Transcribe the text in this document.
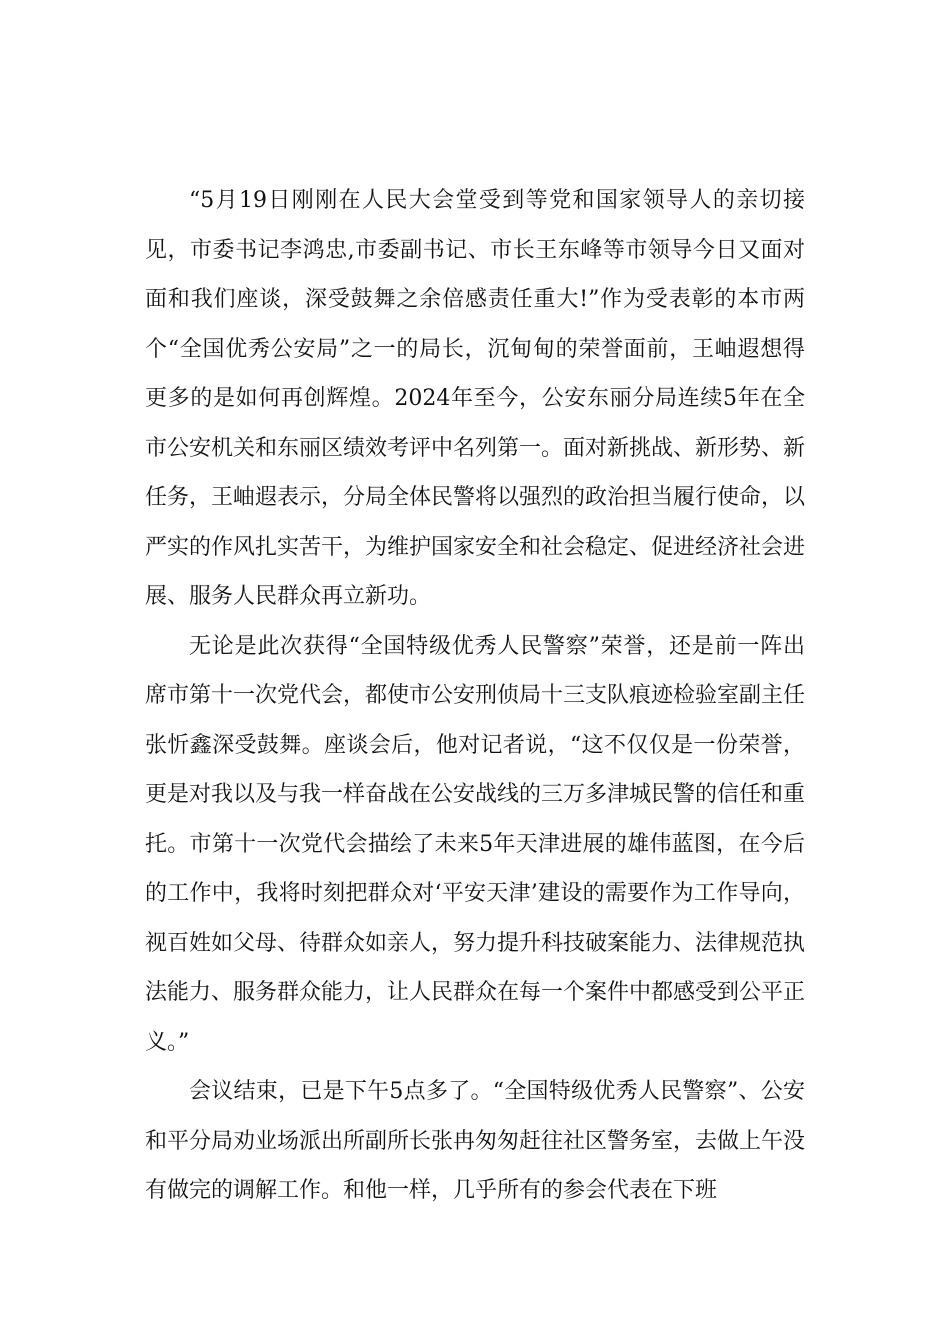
“5月19日刚刚在人民大会堂受到等党和国家领导人的亲切接见，市委书记李鸿忠,市委副书记、市长王东峰等市领导今日又面对面和我们座谈，深受鼓舞之余倍感责任重大!”作为受表彰的本市两个“全国优秀公安局”之一的局长，沉甸甸的荣誉面前，王岫遐想得更多的是如何再创辉煌。2024年至今，公安东丽分局连续5年在全市公安机关和东丽区绩效考评中名列第一。面对新挑战、新形势、新任务，王岫遐表示，分局全体民警将以强烈的政治担当履行使命，以严实的作风扎实苦干，为维护国家安全和社会稳定、促进经济社会进展、服务人民群众再立新功。

无论是此次获得“全国特级优秀人民警察”荣誉，还是前一阵出席市第十一次党代会，都使市公安刑侦局十三支队痕迹检验室副主任张忻鑫深受鼓舞。座谈会后，他对记者说，“这不仅仅是一份荣誉，更是对我以及与我一样奋战在公安战线的三万多津城民警的信任和重托。市第十一次党代会描绘了未来5年天津进展的雄伟蓝图，在今后的工作中，我将时刻把群众对‘平安天津’建设的需要作为工作导向，视百姓如父母、待群众如亲人，努力提升科技破案能力、法律规范执法能力、服务群众能力，让人民群众在每一个案件中都感受到公平正义。”

会议结束，已是下午5点多了。“全国特级优秀人民警察”、公安和平分局劝业场派出所副所长张冉匆匆赶往社区警务室，去做上午没有做完的调解工作。和他一样，几乎所有的参会代表在下班
